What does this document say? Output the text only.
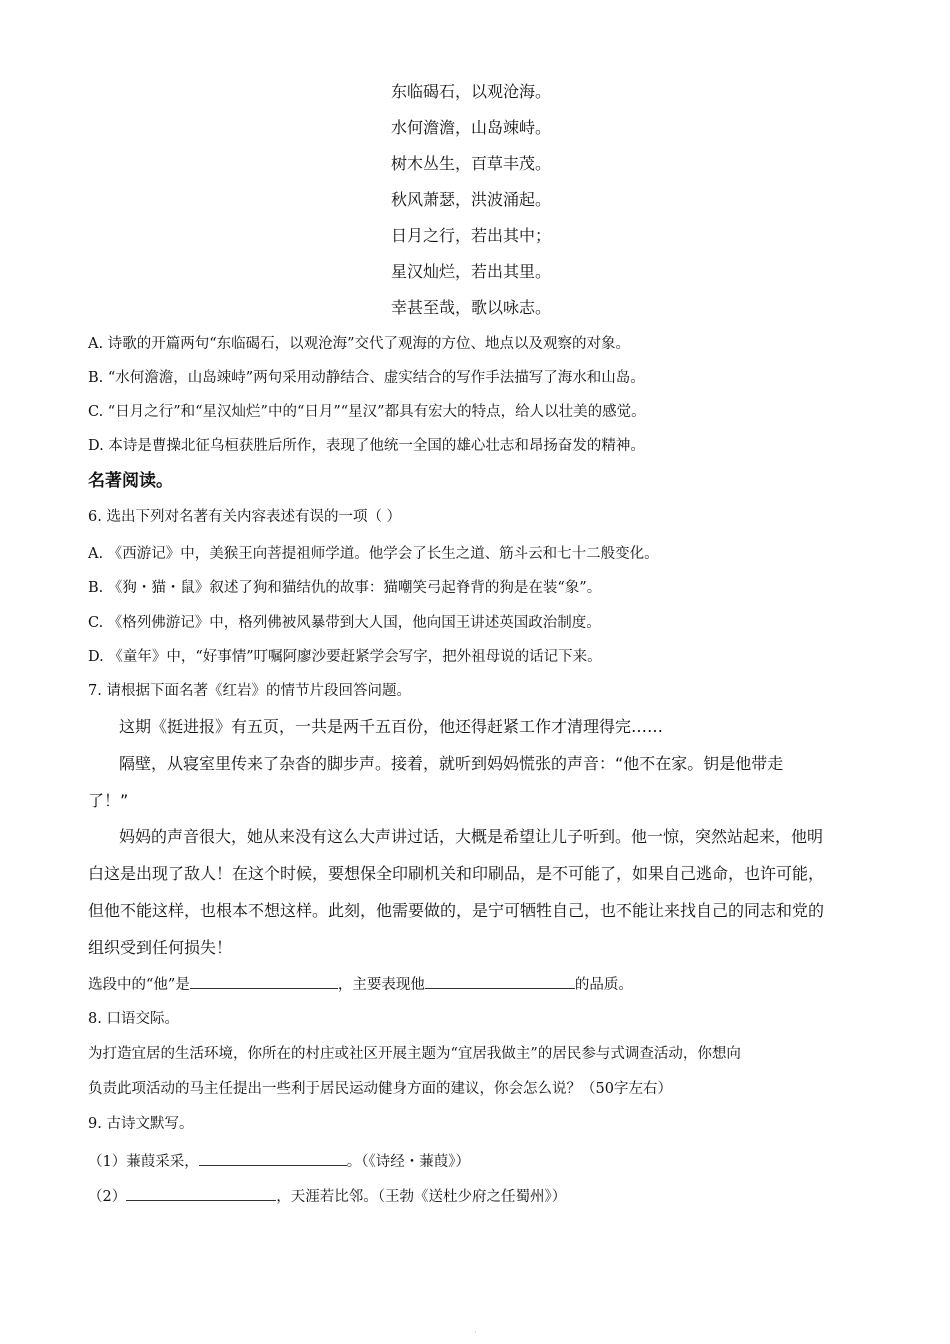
东临碣石，以观沧海。
水何澹澹，山岛竦峙。
树木丛生，百草丰茂。
秋风萧瑟，洪波涌起。
日月之行，若出其中；
星汉灿烂，若出其里。
幸甚至哉，歌以咏志。
A. 诗歌的开篇两句“东临碣石，以观沧海”交代了观海的方位、地点以及观察的对象。
B. “水何澹澹，山岛竦峙”两句采用动静结合、虚实结合的写作手法描写了海水和山岛。
C. “日月之行”和“星汉灿烂”中的“日月”“星汉”都具有宏大的特点，给人以壮美的感觉。
D. 本诗是曹操北征乌桓获胜后所作，表现了他统一全国的雄心壮志和昂扬奋发的精神。
名著阅读。
6. 选出下列对名著有关内容表述有误的一项（ ）
A. 《西游记》中，美猴王向菩提祖师学道。他学会了长生之道、筋斗云和七十二般变化。
B. 《狗・猫・鼠》叙述了狗和猫结仇的故事：猫嘲笑弓起脊背的狗是在装“象”。
C. 《格列佛游记》中，格列佛被风暴带到大人国，他向国王讲述英国政治制度。
D. 《童年》中，“好事情”叮嘱阿廖沙要赶紧学会写字，把外祖母说的话记下来。
7. 请根据下面名著《红岩》的情节片段回答问题。
这期《挺进报》有五页，一共是两千五百份，他还得赶紧工作才清理得完……
隔壁，从寝室里传来了杂沓的脚步声。接着，就听到妈妈慌张的声音：“他不在家。钥是他带走
了！”
妈妈的声音很大，她从来没有这么大声讲过话，大概是希望让儿子听到。他一惊，突然站起来，他明
白这是出现了敌人！在这个时候，要想保全印刷机关和印刷品，是不可能了，如果自己逃命，也许可能，
但他不能这样，也根本不想这样。此刻，他需要做的，是宁可牺牲自己，也不能让来找自己的同志和党的
组织受到任何损失！
选段中的“他”是	，主要表现他	的品质。
8. 口语交际。
为打造宜居的生活环境，你所在的村庄或社区开展主题为“宜居我做主”的居民参与式调查活动，你想向
负责此项活动的马主任提出一些利于居民运动健身方面的建议，你会怎么说？（50字左右）
9. 古诗文默写。
（1）蒹葭采采，	。（《诗经・蒹葭》）
（2）	，天涯若比邻。（王勃《送杜少府之任蜀州》）
·
